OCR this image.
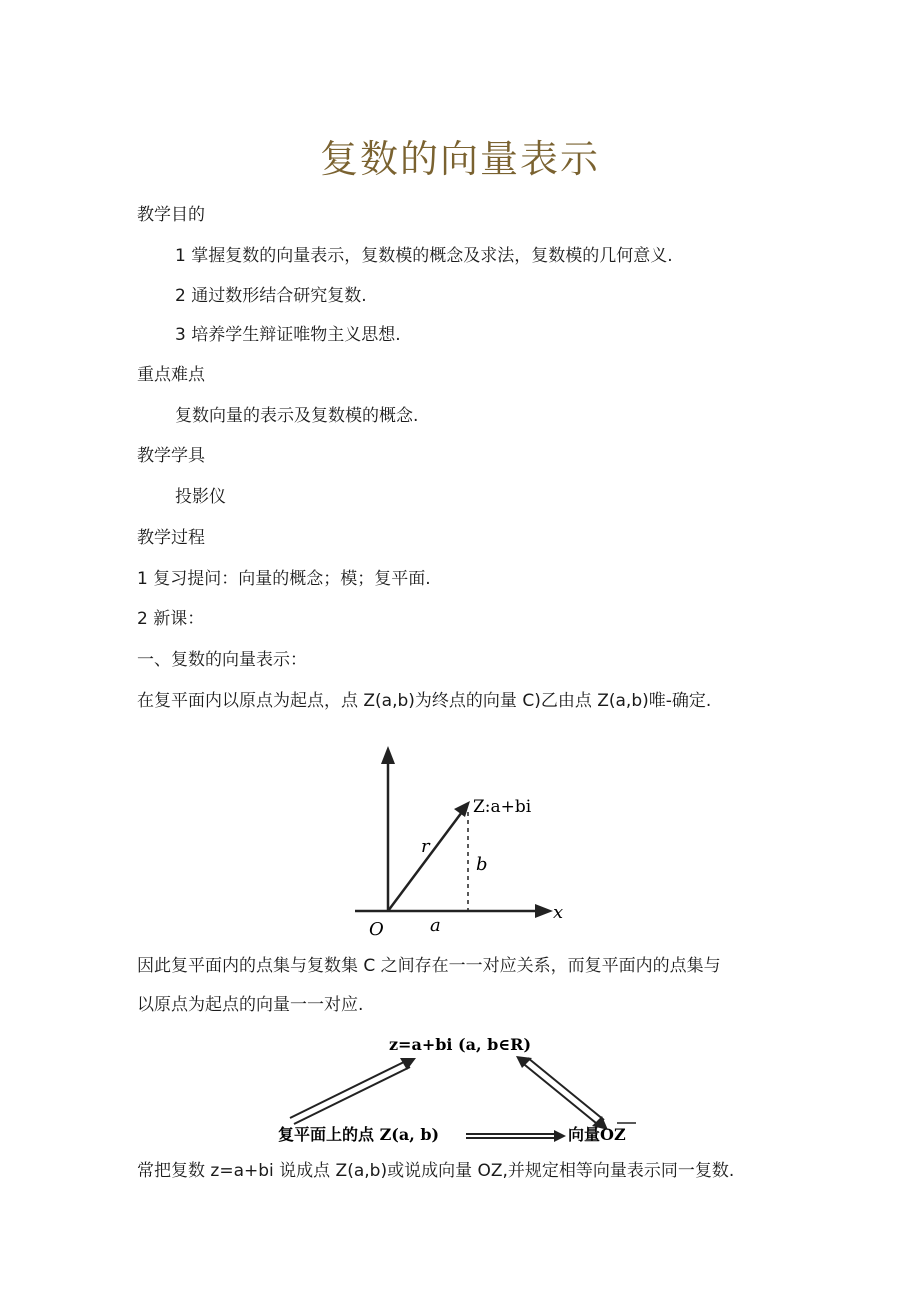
复数的向量表示
教学目的
1 掌握复数的向量表示，复数模的概念及求法，复数模的几何意义.
2 通过数形结合研究复数.
3 培养学生辩证唯物主义思想.
重点难点
复数向量的表示及复数模的概念.
教学学具
投影仪
教学过程
1 复习提问：向量的概念；模；复平面.
2 新课：
一、复数的向量表示：
在复平面内以原点为起点，点 Z(a,b)为终点的向量 C)乙由点 Z(a,b)唯-确定.
Z:a+bi
r
b
a
O
x
因此复平面内的点集与复数集 C 之间存在一一对应关系，而复平面内的点集与
以原点为起点的向量一一对应.
z=a+bi (a, b∈R)
复平面上的点 Z(a, b)	向量OZ
常把复数 z=a+bi 说成点 Z(a,b)或说成向量 OZ,并规定相等向量表示同一复数.
